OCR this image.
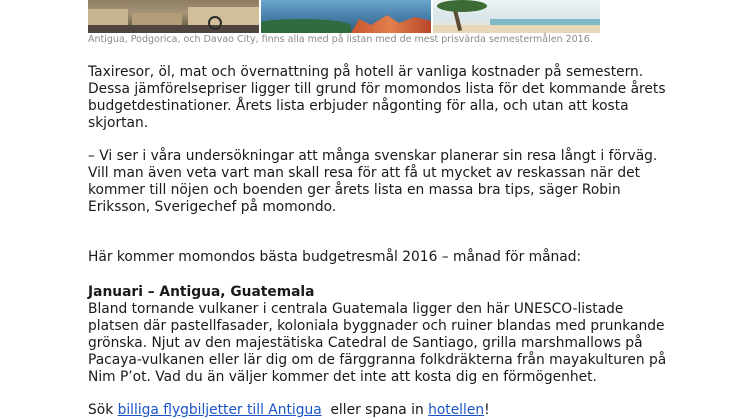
Antigua, Podgorica, och Davao City, finns alla med på listan med de mest prisvärda semestermålen 2016.

Taxiresor, öl, mat och övernattning på hotell är vanliga kostnader på semestern. Dessa jämförelsepriser ligger till grund för momondos lista för det kommande årets budgetdestinationer. Årets lista erbjuder någonting för alla, och utan att kosta skjortan.

– Vi ser i våra undersökningar att många svenskar planerar sin resa långt i förväg. Vill man även veta vart man skall resa för att få ut mycket av reskassan när det kommer till nöjen och boenden ger årets lista en massa bra tips, säger Robin Eriksson, Sverigechef på momondo.

Här kommer momondos bästa budgetresmål 2016 – månad för månad:

Januari – Antigua, Guatemala

Bland tornande vulkaner i centrala Guatemala ligger den här UNESCO-listade platsen där pastellfasader, koloniala byggnader och ruiner blandas med prunkande grönska. Njut av den majestätiska Catedral de Santiago, grilla marshmallows på Pacaya-vulkanen eller lär dig om de färggranna folkdräkterna från mayakulturen på Nim P’ot. Vad du än väljer kommer det inte att kosta dig en förmögenhet.

Sök billiga flygbiljetter till Antigua  eller spana in hotellen!
